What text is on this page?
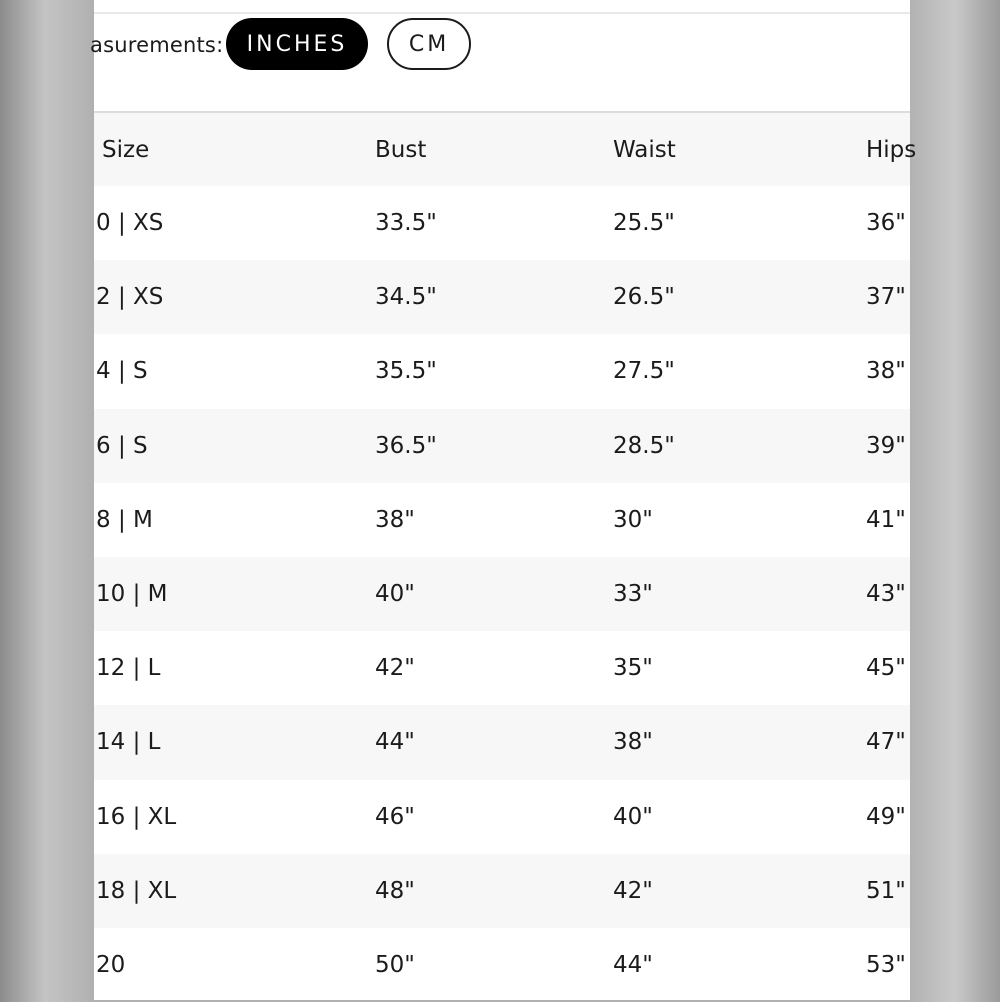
asurements:	INCHES	CM
Size	Bust	Waist	Hips
0 | XS	33.5"	25.5"	36"
2 | XS	34.5"	26.5"	37"
4 | S	35.5"	27.5"	38"
6 | S	36.5"	28.5"	39"
8 | M	38"	30"	41"
10 | M	40"	33"	43"
12 | L	42"	35"	45"
14 | L	44"	38"	47"
16 | XL	46"	40"	49"
18 | XL	48"	42"	51"
20	50"	44"	53"
